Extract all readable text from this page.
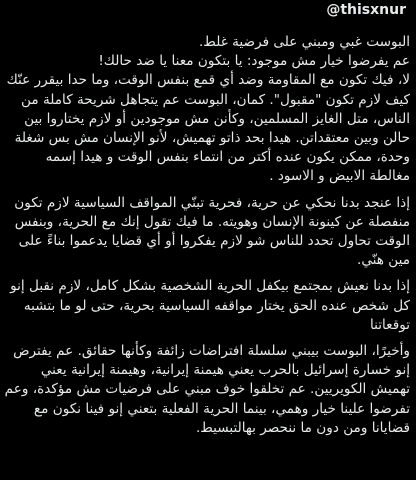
@thisxnur

البوست غبي ومبني على فرضية غلط.

عم يفرضوا خيار مش موجود: يا بتكون معنا يا ضد حالك!

لا، فيك تكون مع المقاومة وضد أي قمع بنفس الوقت، وما حدا بيقرر عنّك كيف لازم تكون "مقبول". كمان، البوست عم يتجاهل شريحة كاملة من الناس، متل الغايز المسلمين، وكأنن مش موجودين أو لازم يختاروا بين حالن وبين معتقداتن. هيدا بحد ذاتو تهميش، لأنو الإنسان مش بس شغلة وحدة، ممكن يكون عنده أكتر من انتماء بنفس الوقت و هيدا إسمه مغالطة الابيض و الاسود .

إذا عنجد بدنا نحكي عن حرية، فحرية تبنّي المواقف السياسية لازم تكون منفصلة عن كينونة الإنسان وهويته. ما فيك تقول إنك مع الحرية، وبنفس الوقت تحاول تحدد للناس شو لازم يفكروا أو أي قضايا يدعموا بناءً على مين هنّي.

إذا بدنا نعيش بمجتمع بيكفل الحرية الشخصية بشكل كامل، لازم نقبل إنو كل شخص عنده الحق يختار مواقفه السياسية بحرية، حتى لو ما بتشبه توقعاتنا

وأخيرًا، البوست بيبني سلسلة افتراضات زائفة وكأنها حقائق. عم يفترض إنو خسارة إسرائيل بالحرب يعني هيمنة إيرانية، وهيمنة إيرانية يعني تهميش الكويريين. عم تخلقوا خوف مبني على فرضيات مش مؤكدة، وعم تفرضوا علينا خيار وهمي، بينما الحرية الفعلية بتعني إنو فينا نكون مع قضايانا ومن دون ما ننحصر بهالتبسيط.
